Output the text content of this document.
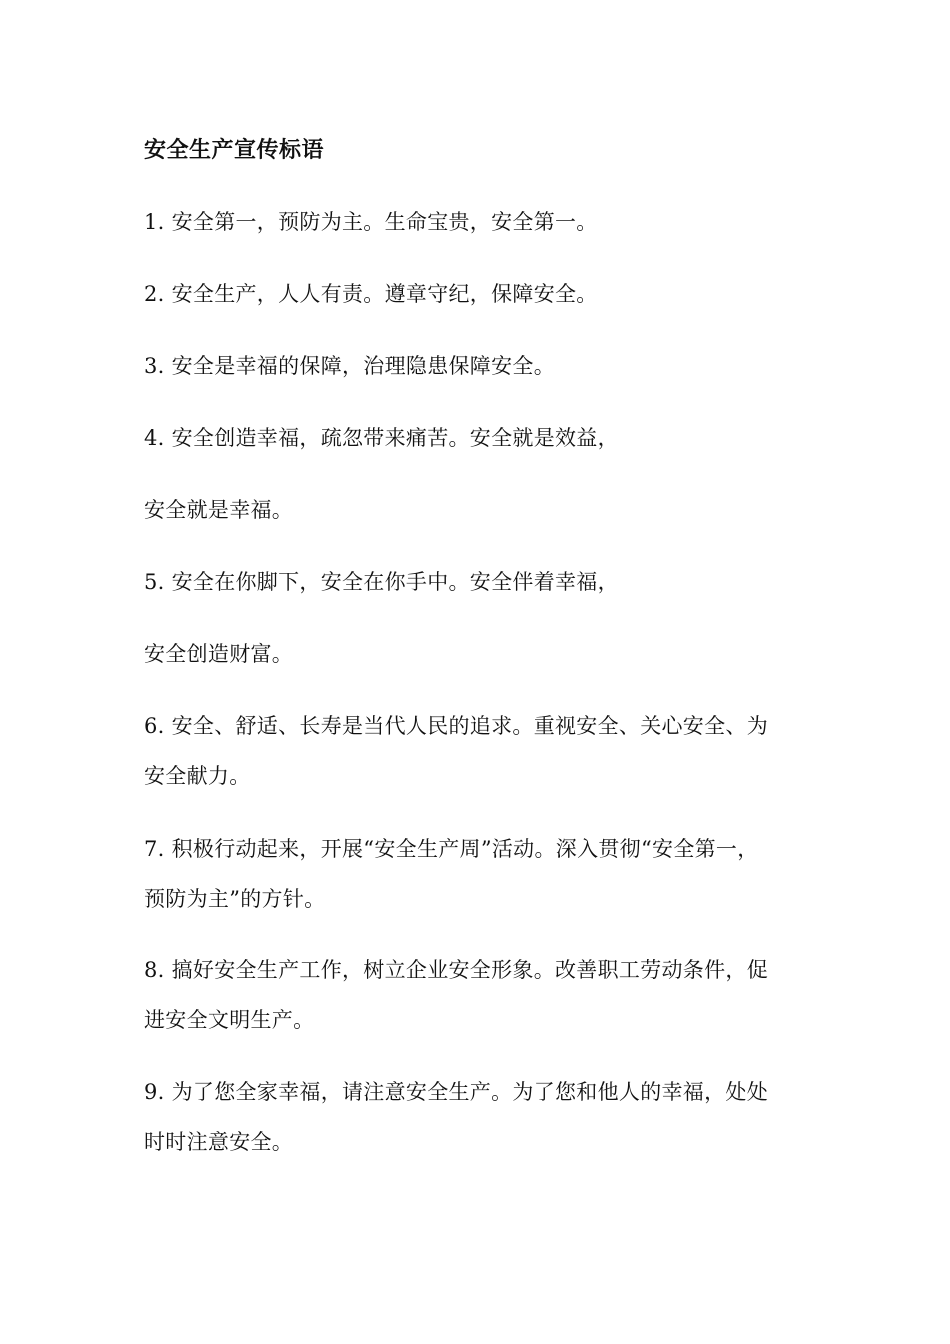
安全生产宣传标语
1. 安全第一，预防为主。生命宝贵，安全第一。
2. 安全生产，人人有责。遵章守纪，保障安全。
3. 安全是幸福的保障，治理隐患保障安全。
4. 安全创造幸福，疏忽带来痛苦。安全就是效益，
安全就是幸福。
5. 安全在你脚下，安全在你手中。安全伴着幸福，
安全创造财富。
6. 安全、舒适、长寿是当代人民的追求。重视安全、关心安全、为
安全献力。
7. 积极行动起来，开展“安全生产周”活动。深入贯彻“安全第一，
预防为主”的方针。
8. 搞好安全生产工作，树立企业安全形象。改善职工劳动条件，促
进安全文明生产。
9. 为了您全家幸福，请注意安全生产。为了您和他人的幸福，处处
时时注意安全。
